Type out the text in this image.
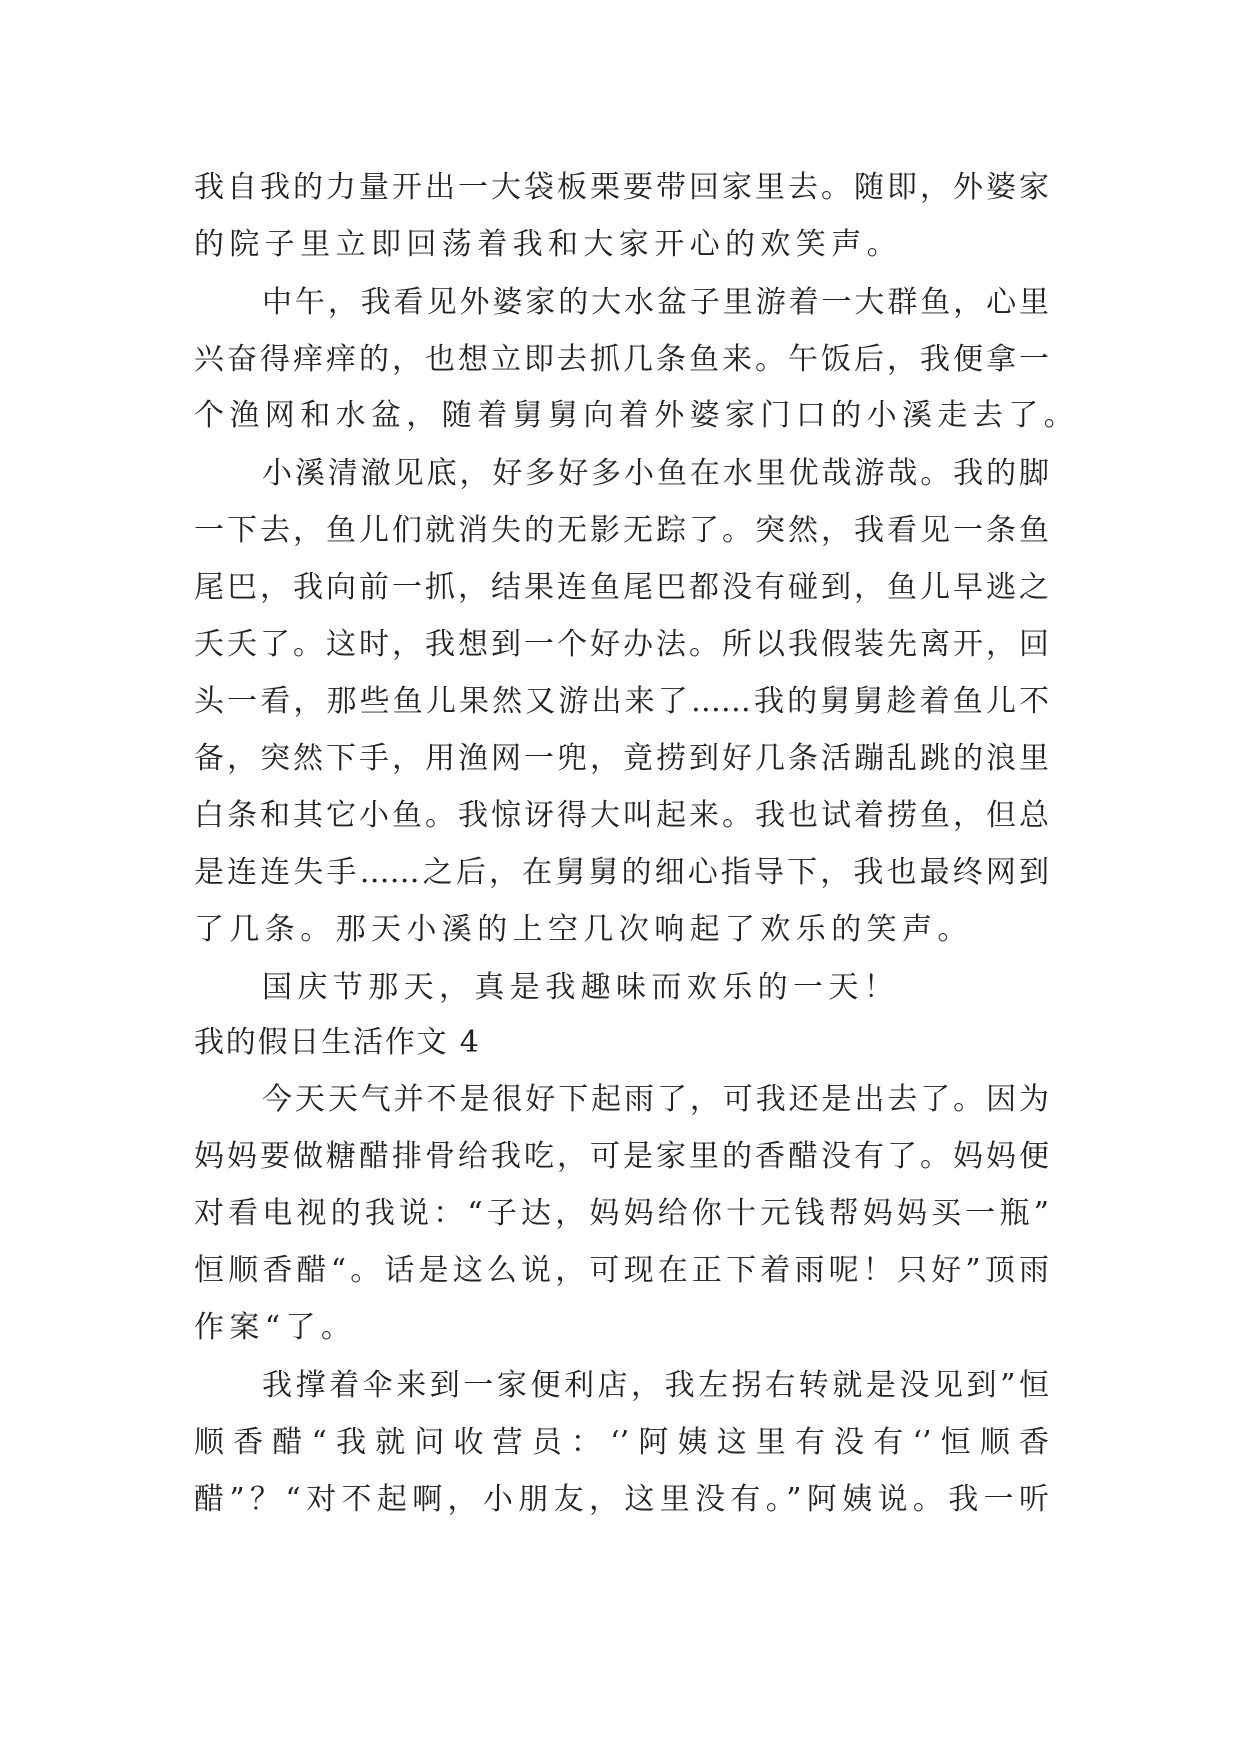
我自我的力量开出一大袋板栗要带回家里去。随即，外婆家
的院子里立即回荡着我和大家开心的欢笑声。
中午，我看见外婆家的大水盆子里游着一大群鱼，心里
兴奋得痒痒的，也想立即去抓几条鱼来。午饭后，我便拿一
个渔网和水盆，随着舅舅向着外婆家门口的小溪走去了。
小溪清澈见底，好多好多小鱼在水里优哉游哉。我的脚
一下去，鱼儿们就消失的无影无踪了。突然，我看见一条鱼
尾巴，我向前一抓，结果连鱼尾巴都没有碰到，鱼儿早逃之
夭夭了。这时，我想到一个好办法。所以我假装先离开，回
头一看，那些鱼儿果然又游出来了……我的舅舅趁着鱼儿不
备，突然下手，用渔网一兜，竟捞到好几条活蹦乱跳的浪里
白条和其它小鱼。我惊讶得大叫起来。我也试着捞鱼，但总
是连连失手……之后，在舅舅的细心指导下，我也最终网到
了几条。那天小溪的上空几次响起了欢乐的笑声。
国庆节那天，真是我趣味而欢乐的一天！
我的假日生活作文 4
今天天气并不是很好下起雨了，可我还是出去了。因为
妈妈要做糖醋排骨给我吃，可是家里的香醋没有了。妈妈便
对看电视的我说：“子达，妈妈给你十元钱帮妈妈买一瓶”
恒顺香醋“。话是这么说，可现在正下着雨呢！只好”顶雨
作案“了。
我撑着伞来到一家便利店，我左拐右转就是没见到”恒
顺香醋“我就问收营员：‘’阿姨这里有没有‘’恒顺香
醋”？“对不起啊，小朋友，这里没有。”阿姨说。我一听
